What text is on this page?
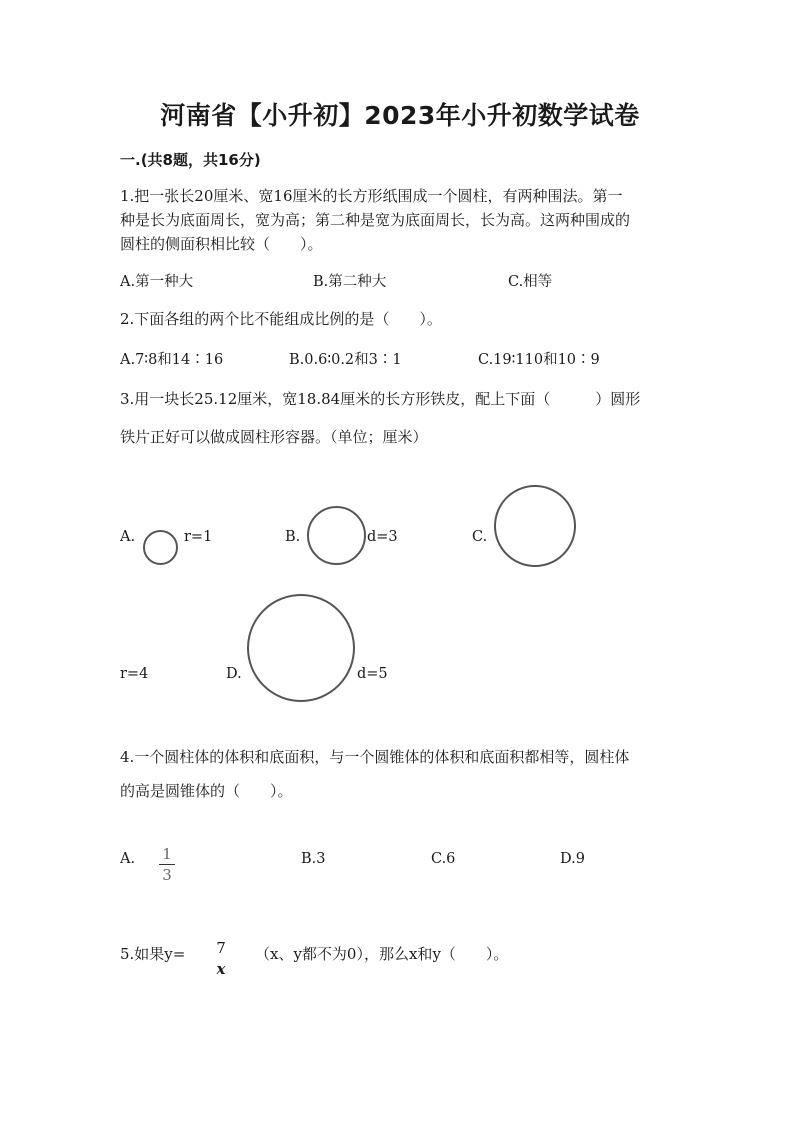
河南省【小升初】2023年小升初数学试卷
一.(共8题，共16分)
1.把一张长20厘米、宽16厘米的长方形纸围成一个圆柱，有两种围法。第一
种是长为底面周长，宽为高；第二种是宽为底面周长，长为高。这两种围成的
圆柱的侧面积相比较（　　）。
A.第一种大	B.第二种大	C.相等
2.下面各组的两个比不能组成比例的是（　　）。
A.7∶8和14∶16	B.0.6∶0.2和3∶1	C.19∶110和10∶9
3.用一块长25.12厘米，宽18.84厘米的长方形铁皮，配上下面（　　　）圆形
铁片正好可以做成圆柱形容器。（单位；厘米）
A.	r=1	B.	d=3	C.
r=4	D.	d=5
4.一个圆柱体的体积和底面积，与一个圆锥体的体积和底面积都相等，圆柱体
的高是圆锥体的（　　）。
A. 1
3
B.3	C.6	D.9
5.如果y= 7
x
（x、y都不为0），那么x和y（　　）。
